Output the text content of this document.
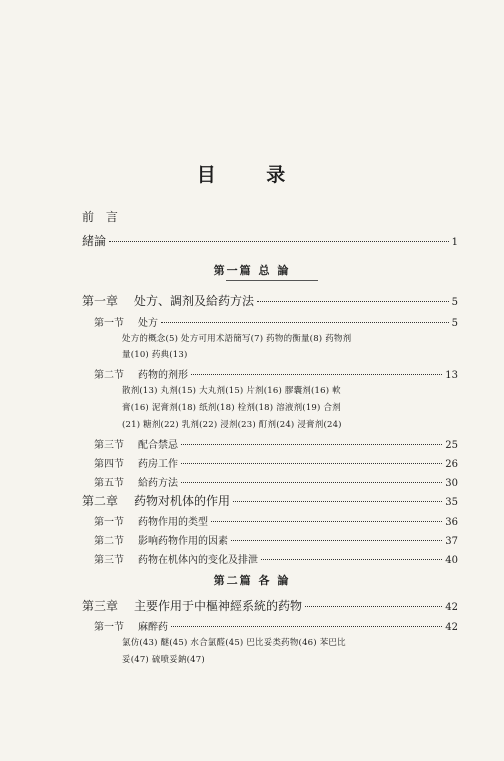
目 录
前 言
緒論	1
第一篇 总 論
第一章	处方、調剂及給药方法	5
第一节	处方	5
处方的概念(5) 处方可用术語簡写(7) 药物的衡量(8) 药物剂
量(10) 药典(13)
第二节	药物的剂形	13
散剂(13) 丸剂(15) 大丸剂(15) 片剂(16) 膠囊剂(16) 軟
膏(16) 泥膏剂(18) 纸剂(18) 栓剂(18) 溶液剂(19) 合剂
(21) 糖剂(22) 乳剂(22) 浸剂(23) 酊剂(24) 浸膏剂(24)
第三节	配合禁忌	25
第四节	药房工作	26
第五节	給药方法	30
第二章	药物对机体的作用	35
第一节	药物作用的类型	36
第二节	影响药物作用的因素	37
第三节	药物在机体內的变化及排泄	40
第二篇 各 論
第三章	主要作用于中樞神經系統的药物	42
第一节	麻醉药	42
氯仿(43) 醚(45) 水合氯醛(45) 巴比妥类药物(46) 苯巴比
妥(47) 硫喷妥鈉(47)
